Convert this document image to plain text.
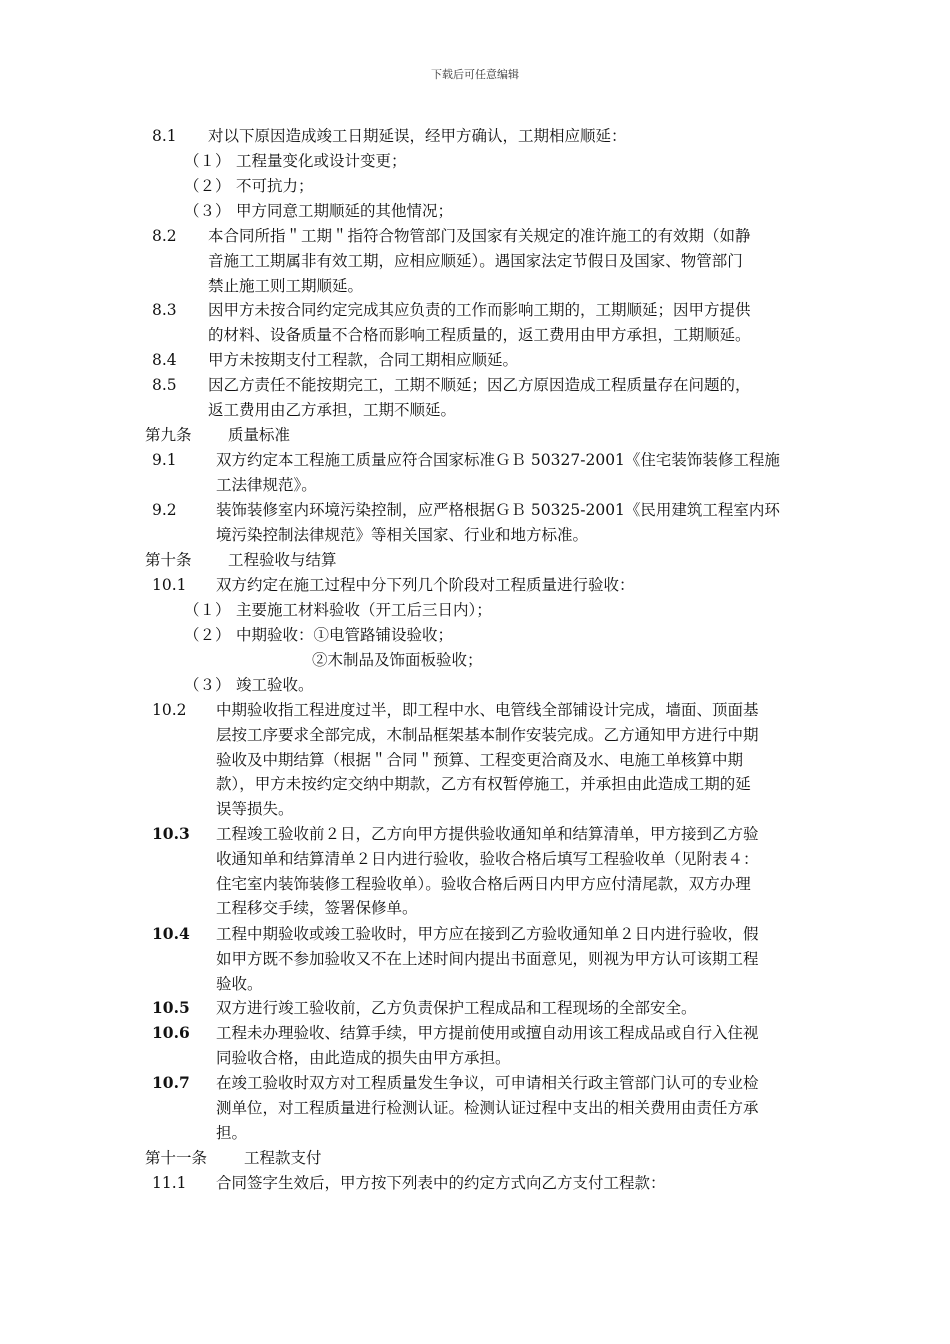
下载后可任意编辑
8.1 对以下原因造成竣工日期延误，经甲方确认，工期相应顺延：
（１） 工程量变化或设计变更；
（２） 不可抗力；
（３） 甲方同意工期顺延的其他情况；
8.2 本合同所指＂工期＂指符合物管部门及国家有关规定的准许施工的有效期（如静
音施工工期属非有效工期，应相应顺延）。遇国家法定节假日及国家、物管部门
禁止施工则工期顺延。
8.3 因甲方未按合同约定完成其应负责的工作而影响工期的，工期顺延；因甲方提供
的材料、设备质量不合格而影响工程质量的，返工费用由甲方承担，工期顺延。
8.4 甲方未按期支付工程款，合同工期相应顺延。
8.5 因乙方责任不能按期完工，工期不顺延；因乙方原因造成工程质量存在问题的，
返工费用由乙方承担，工期不顺延。
第九条 质量标准
9.1	双方约定本工程施工质量应符合国家标准ＧＢ 50327-2001《住宅装饰装修工程施
工法律规范》。
9.2	装饰装修室内环境污染控制，应严格根据ＧＢ 50325-2001《民用建筑工程室内环
境污染控制法律规范》等相关国家、行业和地方标准。
第十条 工程验收与结算
10.1 双方约定在施工过程中分下列几个阶段对工程质量进行验收：
（１） 主要施工材料验收（开工后三日内）；
（２） 中期验收：①电管路铺设验收；
②木制品及饰面板验收；
（３） 竣工验收。
10.2 中期验收指工程进度过半，即工程中水、电管线全部铺设计完成，墙面、顶面基
层按工序要求全部完成，木制品框架基本制作安装完成。乙方通知甲方进行中期
验收及中期结算（根据＂合同＂预算、工程变更洽商及水、电施工单核算中期
款），甲方未按约定交纳中期款，乙方有权暂停施工，并承担由此造成工期的延
误等损失。
10.3 工程竣工验收前２日，乙方向甲方提供验收通知单和结算清单，甲方接到乙方验
收通知单和结算清单２日内进行验收，验收合格后填写工程验收单（见附表４：
住宅室内装饰装修工程验收单）。验收合格后两日内甲方应付清尾款，双方办理
工程移交手续，签署保修单。
10.4 工程中期验收或竣工验收时，甲方应在接到乙方验收通知单２日内进行验收，假
如甲方既不参加验收又不在上述时间内提出书面意见，则视为甲方认可该期工程
验收。
10.5 双方进行竣工验收前，乙方负责保护工程成品和工程现场的全部安全。
10.6 工程未办理验收、结算手续，甲方提前使用或擅自动用该工程成品或自行入住视
同验收合格，由此造成的损失由甲方承担。
10.7 在竣工验收时双方对工程质量发生争议，可申请相关行政主管部门认可的专业检
测单位，对工程质量进行检测认证。检测认证过程中支出的相关费用由责任方承
担。
第十一条 工程款支付
11.1 合同签字生效后，甲方按下列表中的约定方式向乙方支付工程款：
